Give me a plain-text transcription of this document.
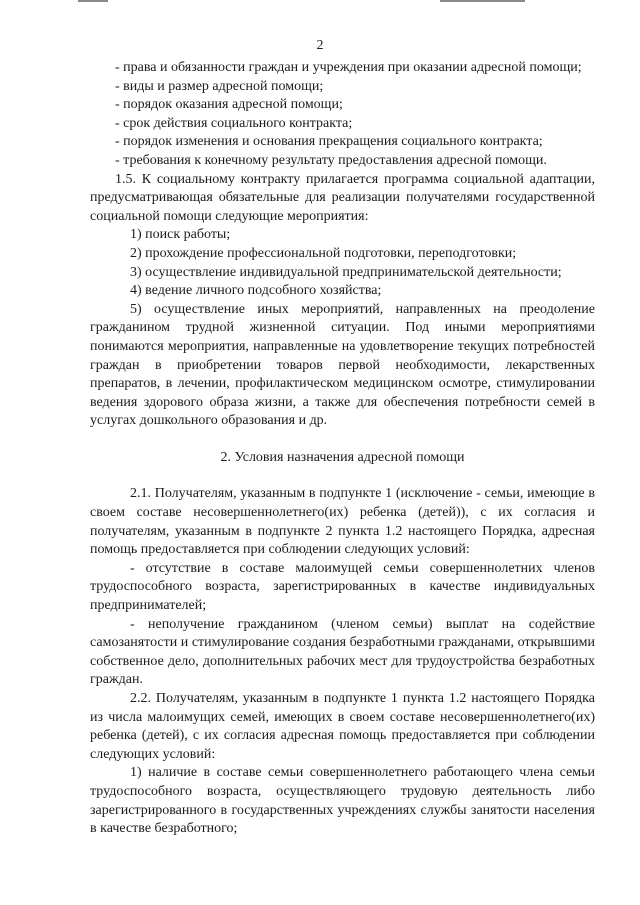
2

- права и обязанности граждан и учреждения при оказании адресной помощи;

- виды и размер адресной помощи;

- порядок оказания адресной помощи;

- срок действия социального контракта;

- порядок изменения и основания прекращения социального контракта;

- требования к конечному результату предоставления адресной помощи.

1.5. К социальному контракту прилагается программа социальной адаптации, предусматривающая обязательные для реализации получателями государственной социальной помощи следующие мероприятия:

1) поиск работы;

2) прохождение профессиональной подготовки, переподготовки;

3) осуществление индивидуальной предпринимательской деятельности;

4) ведение личного подсобного хозяйства;

5) осуществление иных мероприятий, направленных на преодоление гражданином трудной жизненной ситуации. Под иными мероприятиями понимаются мероприятия, направленные на удовлетворение текущих потребностей граждан в приобретении товаров первой необходимости, лекарственных препаратов, в лечении, профилактическом медицинском осмотре, стимулировании ведения здорового образа жизни, а также для обеспечения потребности семей в услугах дошкольного образования и др.

2. Условия назначения адресной помощи

2.1. Получателям, указанным в подпункте 1 (исключение - семьи, имеющие в своем составе несовершеннолетнего(их) ребенка (детей)), с их согласия и получателям, указанным в подпункте 2 пункта 1.2 настоящего Порядка, адресная помощь предоставляется при соблюдении следующих условий:

- отсутствие в составе малоимущей семьи совершеннолетних членов трудоспособного возраста, зарегистрированных в качестве индивидуальных предпринимателей;

- неполучение гражданином (членом семьи) выплат на содействие самозанятости и стимулирование создания безработными гражданами, открывшими собственное дело, дополнительных рабочих мест для трудоустройства безработных граждан.

2.2. Получателям, указанным в подпункте 1 пункта 1.2 настоящего Порядка из числа малоимущих семей, имеющих в своем составе несовершеннолетнего(их) ребенка (детей), с их согласия адресная помощь предоставляется при соблюдении следующих условий:

1) наличие в составе семьи совершеннолетнего работающего члена семьи трудоспособного возраста, осуществляющего трудовую деятельность либо зарегистрированного в государственных учреждениях службы занятости населения в качестве безработного;
